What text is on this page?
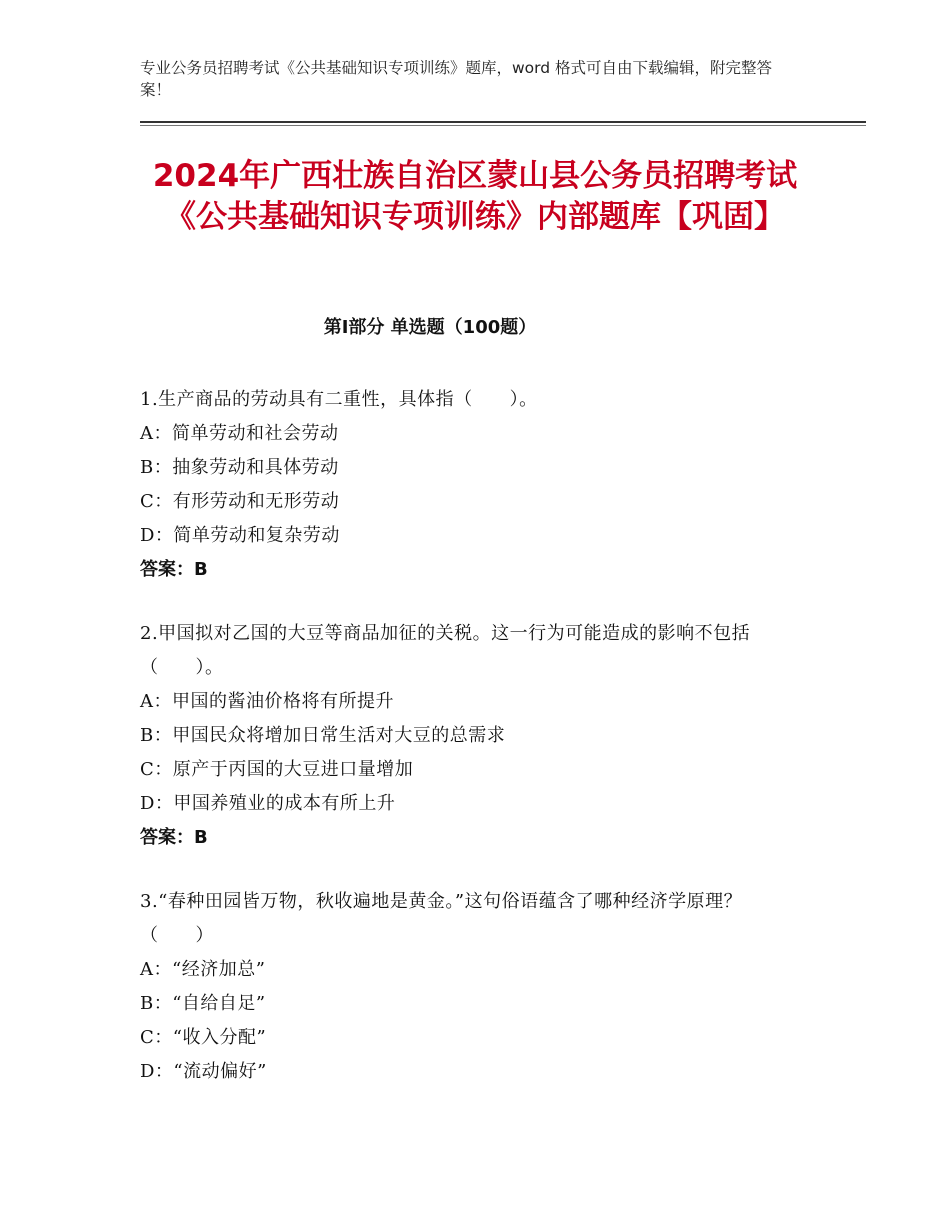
专业公务员招聘考试《公共基础知识专项训练》题库，word 格式可自由下载编辑，附完整答案！
2024年广西壮族自治区蒙山县公务员招聘考试《公共基础知识专项训练》内部题库【巩固】
第Ⅰ部分 单选题（100题）
1.生产商品的劳动具有二重性，具体指（　　）。
A：简单劳动和社会劳动
B：抽象劳动和具体劳动
C：有形劳动和无形劳动
D：简单劳动和复杂劳动
答案：B
2.甲国拟对乙国的大豆等商品加征的关税。这一行为可能造成的影响不包括（　　）。
A：甲国的酱油价格将有所提升
B：甲国民众将增加日常生活对大豆的总需求
C：原产于丙国的大豆进口量增加
D：甲国养殖业的成本有所上升
答案：B
3.“春种田园皆万物，秋收遍地是黄金。”这句俗语蕴含了哪种经济学原理？（　　）
A：“经济加总”
B：“自给自足”
C：“收入分配”
D：“流动偏好”
